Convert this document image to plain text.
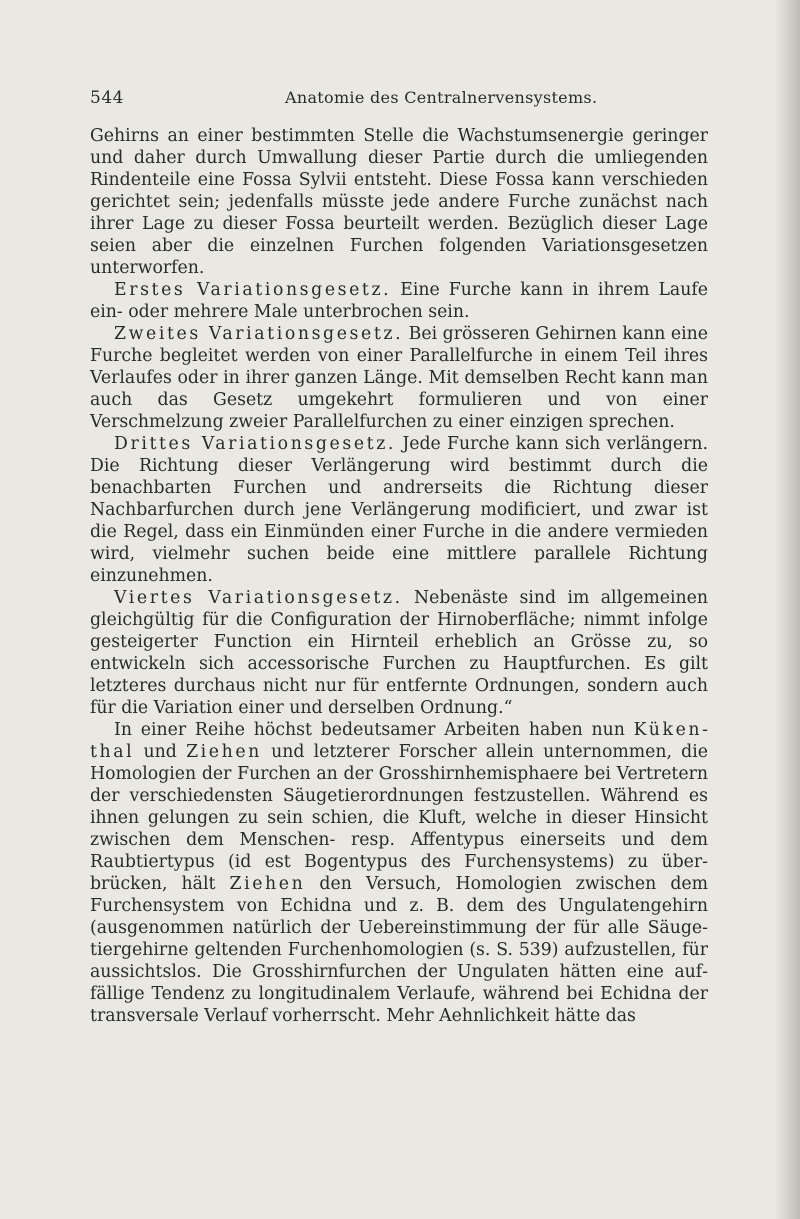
544	Anatomie des Centralnervensystems.

Gehirns an einer bestimmten Stelle die Wachstumsenergie geringer und daher durch Umwallung dieser Partie durch die umliegenden Rindenteile eine Fossa Sylvii entsteht. Diese Fossa kann verschieden gerichtet sein; jedenfalls müsste jede andere Furche zunächst nach ihrer Lage zu dieser Fossa beurteilt werden. Bezüglich dieser Lage seien aber die einzelnen Furchen folgenden Variationsgesetzen unterworfen.

Erstes Variationsgesetz. Eine Furche kann in ihrem Laufe ein- oder mehrere Male unterbrochen sein.

Zweites Variationsgesetz. Bei grösseren Gehirnen kann eine Furche begleitet werden von einer Parallelfurche in einem Teil ihres Verlaufes oder in ihrer ganzen Länge. Mit demselben Recht kann man auch das Gesetz umgekehrt formulieren und von einer Verschmelzung zweier Parallelfurchen zu einer einzigen sprechen.

Drittes Variationsgesetz. Jede Furche kann sich verlängern. Die Richtung dieser Verlängerung wird bestimmt durch die benachbarten Furchen und andrerseits die Richtung dieser Nachbarfurchen durch jene Verlängerung modificiert, und zwar ist die Regel, dass ein Einmünden einer Furche in die andere vermieden wird, vielmehr suchen beide eine mittlere parallele Richtung einzunehmen.

Viertes Variationsgesetz. Nebenäste sind im allgemeinen gleichgültig für die Configuration der Hirnoberfläche; nimmt infolge gesteigerter Function ein Hirnteil erheblich an Grösse zu, so entwickeln sich accessorische Furchen zu Hauptfurchen. Es gilt letzteres durchaus nicht nur für entfernte Ordnungen, sondern auch für die Variation einer und derselben Ordnung.“

In einer Reihe höchst bedeutsamer Arbeiten haben nun Kükenthal und Ziehen und letzterer Forscher allein unternommen, die Homologien der Furchen an der Grosshirnhemisphaere bei Vertretern der verschiedensten Säugetierordnungen festzustellen. Während es ihnen gelungen zu sein schien, die Kluft, welche in dieser Hinsicht zwischen dem Menschen- resp. Affentypus einerseits und dem Raubtiertypus (id est Bogentypus des Furchensystems) zu überbrücken, hält Ziehen den Versuch, Homologien zwischen dem Furchensystem von Echidna und z. B. dem des Ungulatengehirn (ausgenommen natürlich der Uebereinstimmung der für alle Säugetiergehirne geltenden Furchenhomologien (s. S. 539) aufzustellen, für aussichtslos. Die Grosshirnfurchen der Ungulaten hätten eine auffällige Tendenz zu longitudinalem Verlaufe, während bei Echidna der transversale Verlauf vorherrscht. Mehr Aehnlichkeit hätte das
